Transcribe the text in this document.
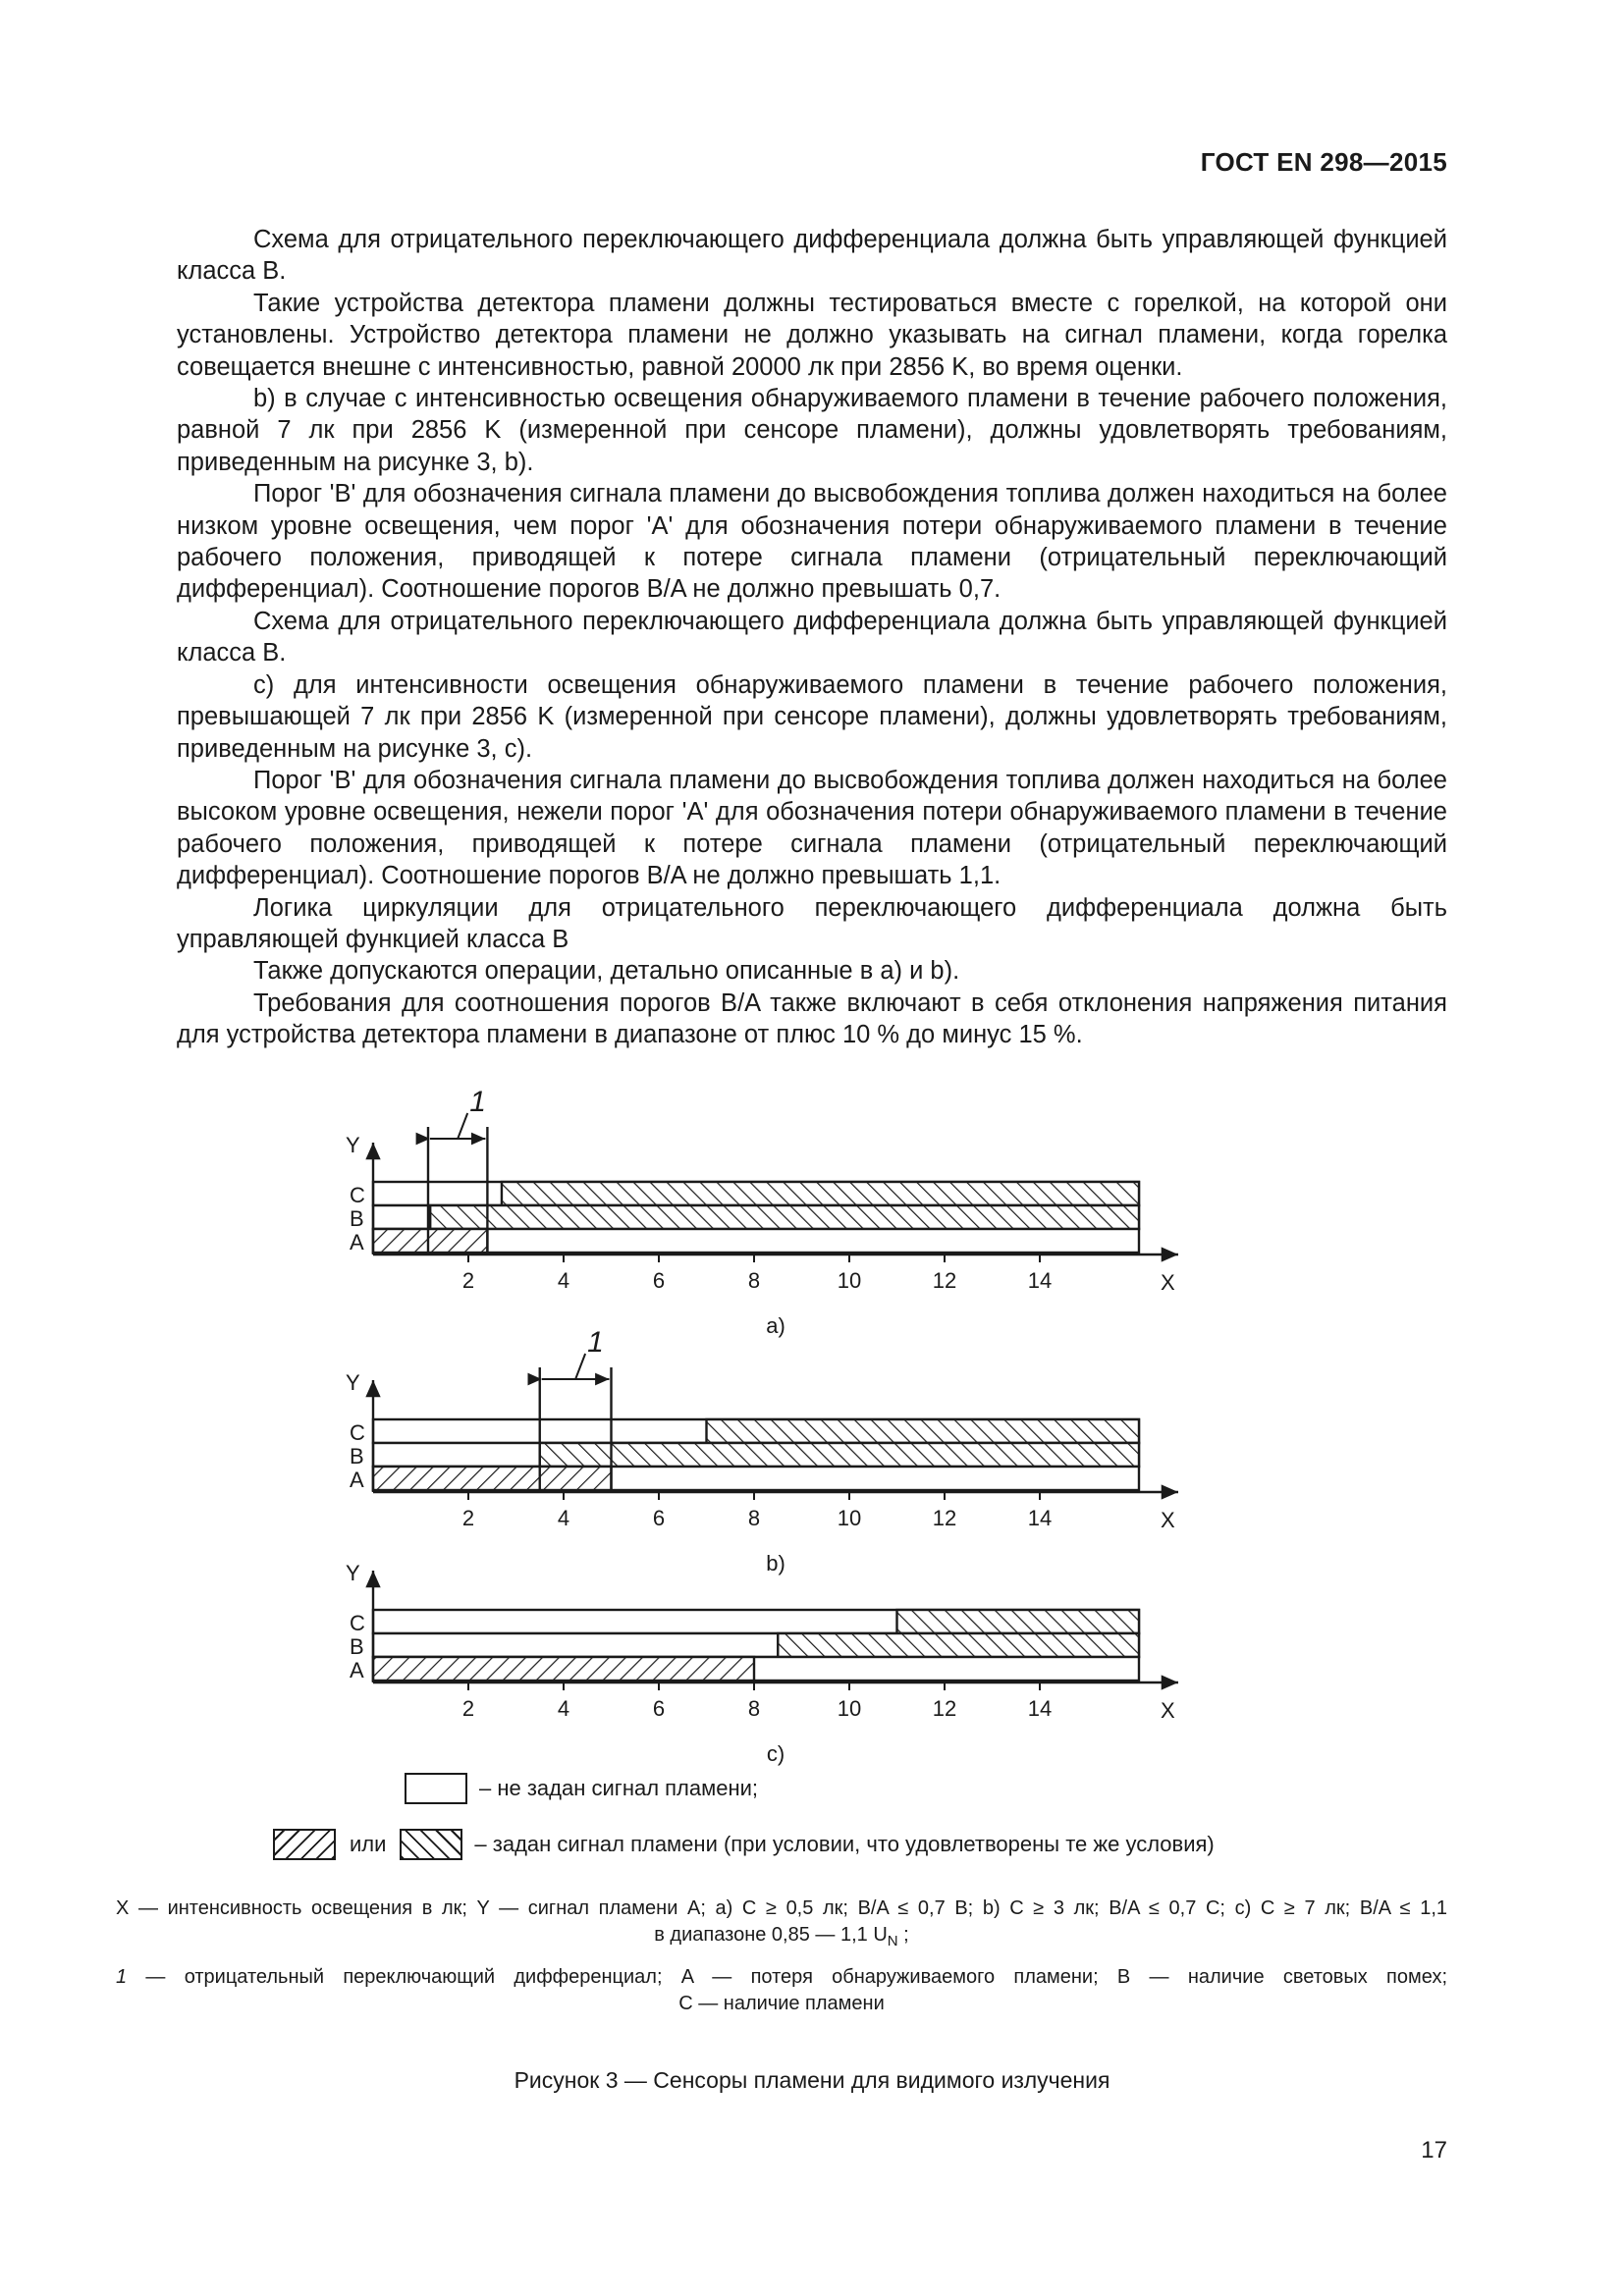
ГОСТ EN 298—2015

Схема для отрицательного переключающего дифференциала должна быть управляющей функцией класса B.

Такие устройства детектора пламени должны тестироваться вместе с горелкой, на которой они установлены. Устройство детектора пламени не должно указывать на сигнал пламени, когда горелка совещается внешне с интенсивностью, равной 20000 лк при 2856 K, во время оценки.

b) в случае с интенсивностью освещения обнаруживаемого пламени в течение рабочего положения, равной 7 лк при 2856 K (измеренной при сенсоре пламени), должны удовлетворять требованиям, приведенным на рисунке 3, b).

Порог 'B' для обозначения сигнала пламени до высвобождения топлива должен находиться на более низком уровне освещения, чем порог 'A' для обозначения потери обнаруживаемого пламени в течение рабочего положения, приводящей к потере сигнала пламени (отрицательный переключающий дифференциал). Соотношение порогов B/A не должно превышать 0,7.

Схема для отрицательного переключающего дифференциала должна быть управляющей функцией класса B.

c) для интенсивности освещения обнаруживаемого пламени в течение рабочего положения, превышающей 7 лк при 2856 K (измеренной при сенсоре пламени), должны удовлетворять требованиям, приведенным на рисунке 3, c).

Порог 'B' для обозначения сигнала пламени до высвобождения топлива должен находиться на более высоком уровне освещения, нежели порог 'A' для обозначения потери обнаруживаемого пламени в течение рабочего положения, приводящей к потере сигнала пламени (отрицательный переключающий дифференциал). Соотношение порогов B/A не должно превышать 1,1.

Логика циркуляции для отрицательного переключающего дифференциала должна быть управляющей функцией класса B

Также допускаются операции, детально описанные в a) и b).

Требования для соотношения порогов B/A также включают в себя отклонения напряжения питания для устройства детектора пламени в диапазоне от плюс 10 % до минус 15 %.

C
B
A
Y
X
2	4	6	8	10	12	14
a)
1
C
B
A
Y
X
2	4	6	8	10	12	14
b)
1
C
B
A
Y
X
2	4	6	8	10	12	14
c)
– не задан сигнал пламени;
или	– задан сигнал пламени (при условии, что удовлетворены те же условия)
X — интенсивность освещения в лк; Y — сигнал пламени А; a) C ≥ 0,5 лк; B/A ≤ 0,7 B; b) C ≥ 3 лк; B/A ≤ 0,7 C; c) C ≥ 7 лк; B/A ≤ 1,1
в диапазоне 0,85 — 1,1 $U_N$ ;
1 — отрицательный переключающий дифференциал; A — потеря обнаруживаемого пламени; B — наличие световых помех;
C — наличие пламени
Рисунок 3 — Сенсоры пламени для видимого излучения
17
